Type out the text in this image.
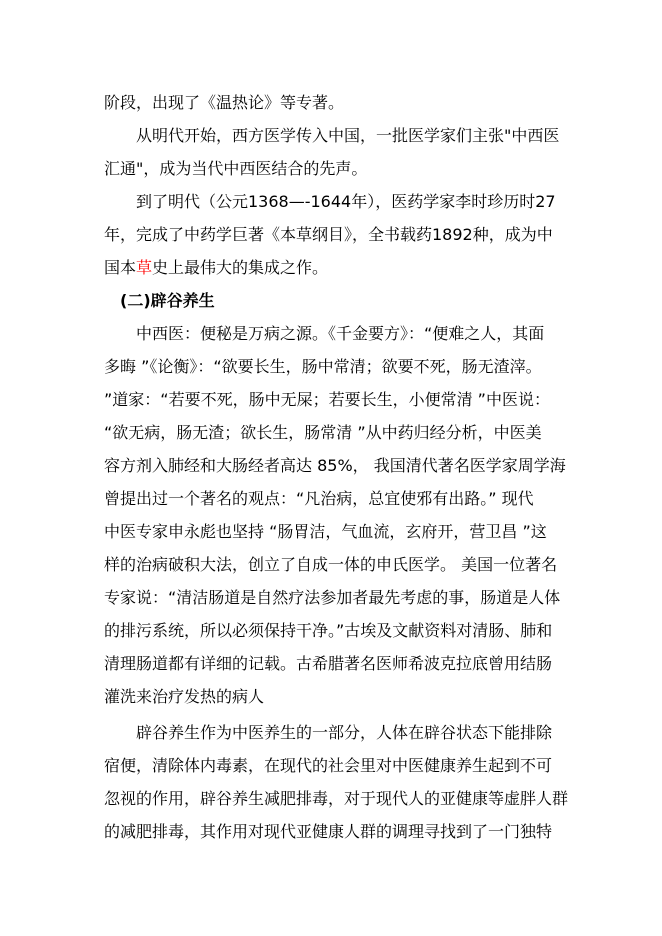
阶段，出现了《温热论》等专著。
从明代开始，西方医学传入中国，一批医学家们主张"中西医
汇通"，成为当代中西医结合的先声。
到了明代（公元1368—-1644年），医药学家李时珍历时27
年，完成了中药学巨著《本草纲目》，全书载药1892种，成为中
国本草史上最伟大的集成之作。
(二)辟谷养生
中西医：便秘是万病之源。《千金要方》：“便难之人，其面
多晦 ”《论衡》：“欲要长生，肠中常清；欲要不死，肠无渣滓。
”道家：“若要不死，肠中无屎；若要长生，小便常清 ”中医说：
“欲无病，肠无渣；欲长生，肠常清 ”从中药归经分析，中医美
容方剂入肺经和大肠经者高达 85%， 我国清代著名医学家周学海
曾提出过一个著名的观点：“凡治病，总宜使邪有出路。” 现代
中医专家申永彪也坚持 “肠胃洁，气血流，玄府开，营卫昌 ”这
样的治病破积大法，创立了自成一体的申氏医学。 美国一位著名
专家说：“清洁肠道是自然疗法参加者最先考虑的事，肠道是人体
的排污系统，所以必须保持干净。”古埃及文献资料对清肠、肺和
清理肠道都有详细的记载。古希腊著名医师希波克拉底曾用结肠
灌洗来治疗发热的病人
辟谷养生作为中医养生的一部分，人体在辟谷状态下能排除
宿便，清除体内毒素，在现代的社会里对中医健康养生起到不可
忽视的作用，辟谷养生减肥排毒，对于现代人的亚健康等虚胖人群
的减肥排毒，其作用对现代亚健康人群的调理寻找到了一门独特
